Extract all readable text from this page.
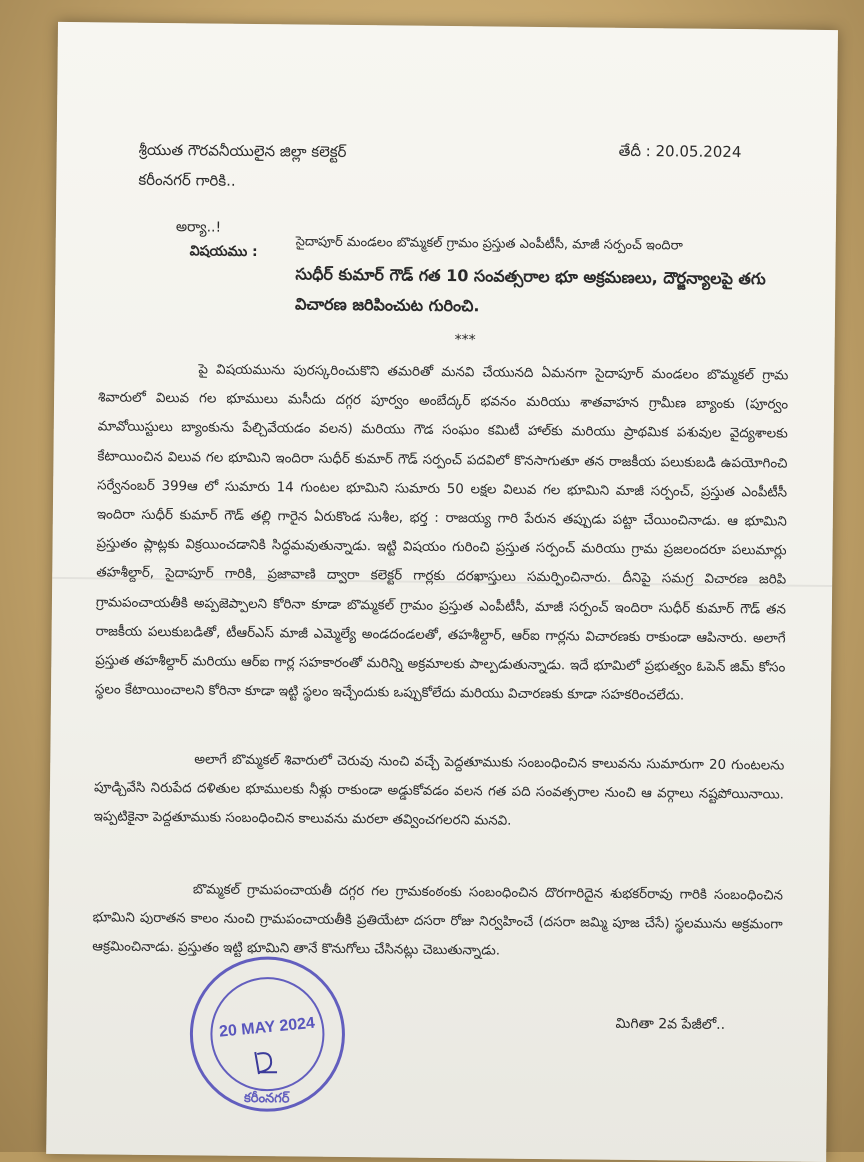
శ్రీయుత గౌరవనీయులైన జిల్లా కలెక్టర్
కరీంనగర్ గారికి..
తేదీ : 20.05.2024
అర్యా..!
విషయము :	సైదాపూర్ మండలం బొమ్మకల్ గ్రామం ప్రస్తుత ఎంపీటీసీ, మాజీ సర్పంచ్ ఇందిరా
సుధీర్ కుమార్ గౌడ్ గత 10 సంవత్సరాల భూ అక్రమణలు, దౌర్జన్యాలపై తగు
విచారణ జరిపించుట గురించి.
***

పై విషయమును పురస్కరించుకొని తమరితో మనవి చేయునది ఏమనగా సైదాపూర్ మండలం బొమ్మకల్ గ్రామ శివారులో విలువ గల భూములు మసీదు దగ్గర పూర్వం అంబేద్కర్ భవనం మరియు శాతవాహన గ్రామీణ బ్యాంకు (పూర్వం మావోయిస్టులు బ్యాంకును పేల్చివేయడం వలన) మరియు గౌడ సంఘం కమిటీ హాల్‌కు మరియు ప్రాథమిక పశువుల వైద్యశాలకు కేటాయించిన విలువ గల భూమిని ఇందిరా సుధీర్ కుమార్ గౌడ్ సర్పంచ్ పదవిలో కొనసాగుతూ తన రాజకీయ పలుకుబడి ఉపయోగించి సర్వేనంబర్ 399ఆ లో సుమారు 14 గుంటల భూమిని సుమారు 50 లక్షల విలువ గల భూమిని మాజీ సర్పంచ్, ప్రస్తుత ఎంపీటీసీ ఇందిరా సుధీర్ కుమార్ గౌడ్ తల్లి గారైన ఏరుకొండ సుశీల, భర్త : రాజయ్య గారి పేరున తప్పుడు పట్టా చేయించినాడు. ఆ భూమిని ప్రస్తుతం ప్లాట్లకు విక్రయించడానికి సిద్ధమవుతున్నాడు. ఇట్టి విషయం గురించి ప్రస్తుత సర్పంచ్ మరియు గ్రామ ప్రజలందరూ పలుమార్లు తహశీల్దార్, సైదాపూర్ గారికి, ప్రజావాణి ద్వారా కలెక్టర్ గార్లకు దరఖాస్తులు సమర్పించినారు. దీనిపై సమగ్ర విచారణ జరిపి గ్రామపంచాయతీకి అప్పజెప్పాలని కోరినా కూడా బొమ్మకల్ గ్రామం ప్రస్తుత ఎంపీటీసీ, మాజీ సర్పంచ్ ఇందిరా సుధీర్ కుమార్ గౌడ్ తన రాజకీయ పలుకుబడితో, టీఆర్ఎస్ మాజీ ఎమ్మెల్యే అండదండలతో, తహశీల్దార్, ఆర్ఐ గార్లను విచారణకు రాకుండా ఆపినారు. అలాగే ప్రస్తుత తహశీల్దార్ మరియు ఆర్ఐ గార్ల సహకారంతో మరిన్ని అక్రమాలకు పాల్పడుతున్నాడు. ఇదే భూమిలో ప్రభుత్వం ఓపెన్ జిమ్ కోసం స్థలం కేటాయించాలని కోరినా కూడా ఇట్టి స్థలం ఇచ్చేందుకు ఒప్పుకోలేదు మరియు విచారణకు కూడా సహకరించలేదు.

అలాగే బొమ్మకల్ శివారులో చెరువు నుంచి వచ్చే పెద్దతూముకు సంబంధించిన కాలువను సుమారుగా 20 గుంటలను పూడ్చివేసి నిరుపేద దళితుల భూములకు నీళ్లు రాకుండా అడ్డుకోవడం వలన గత పది సంవత్సరాల నుంచి ఆ వర్గాలు నష్టపోయినాయి. ఇప్పటికైనా పెద్దతూముకు సంబంధించిన కాలువను మరలా తవ్వించగలరని మనవి.

బొమ్మకల్ గ్రామపంచాయతీ దగ్గర గల గ్రామకంఠంకు సంబంధించిన దొరగారిదైన శుభకర్‌రావు గారికి సంబంధించిన భూమిని పురాతన కాలం నుంచి గ్రామపంచాయతీకి ప్రతియేటా దసరా రోజు నిర్వహించే (దసరా జమ్మి పూజ చేసే) స్థలమును అక్రమంగా ఆక్రమించినాడు. ప్రస్తుతం ఇట్టి భూమిని తానే కొనుగోలు చేసినట్లు చెబుతున్నాడు.

మిగితా 2వ పేజీలో..
20 MAY 2024
కరీంనగర్
